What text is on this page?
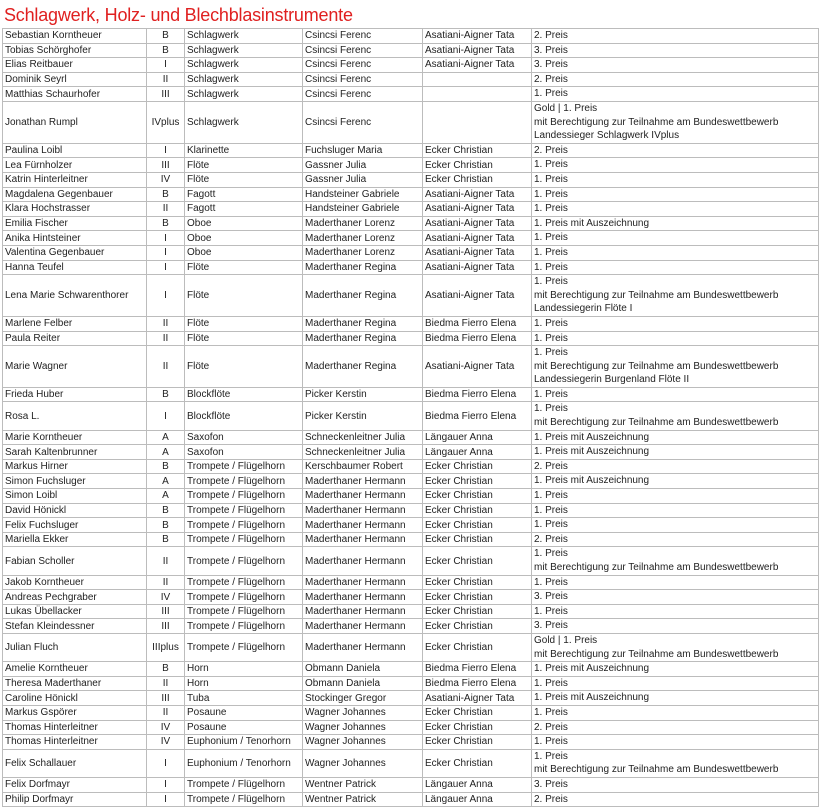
Schlagwerk, Holz- und Blechblasinstrumente
Sebastian Korntheuer	B	Schlagwerk	Csincsi Ferenc	Asatiani-Aigner Tata	2. Preis

Tobias Schörghofer	B	Schlagwerk	Csincsi Ferenc	Asatiani-Aigner Tata	3. Preis

Elias Reitbauer	I	Schlagwerk	Csincsi Ferenc	Asatiani-Aigner Tata	3. Preis

Dominik Seyrl	II	Schlagwerk	Csincsi Ferenc		2. Preis

Matthias Schaurhofer	III	Schlagwerk	Csincsi Ferenc		1. Preis

Jonathan Rumpl	IVplus	Schlagwerk	Csincsi Ferenc		Gold | 1. Preis
mit Berechtigung zur Teilnahme am Bundeswettbewerb
Landessieger Schlagwerk IVplus

Paulina Loibl	I	Klarinette	Fuchsluger Maria	Ecker Christian	2. Preis

Lea Fürnholzer	III	Flöte	Gassner Julia	Ecker Christian	1. Preis

Katrin Hinterleitner	IV	Flöte	Gassner Julia	Ecker Christian	1. Preis

Magdalena Gegenbauer	B	Fagott	Handsteiner Gabriele	Asatiani-Aigner Tata	1. Preis

Klara Hochstrasser	II	Fagott	Handsteiner Gabriele	Asatiani-Aigner Tata	1. Preis

Emilia Fischer	B	Oboe	Maderthaner Lorenz	Asatiani-Aigner Tata	1. Preis mit Auszeichnung

Anika Hintsteiner	I	Oboe	Maderthaner Lorenz	Asatiani-Aigner Tata	1. Preis

Valentina Gegenbauer	I	Oboe	Maderthaner Lorenz	Asatiani-Aigner Tata	1. Preis

Hanna Teufel	I	Flöte	Maderthaner Regina	Asatiani-Aigner Tata	1. Preis

Lena Marie Schwarenthorer	I	Flöte	Maderthaner Regina	Asatiani-Aigner Tata	1. Preis
mit Berechtigung zur Teilnahme am Bundeswettbewerb
Landessiegerin Flöte I

Marlene Felber	II	Flöte	Maderthaner Regina	Biedma Fierro Elena	1. Preis

Paula Reiter	II	Flöte	Maderthaner Regina	Biedma Fierro Elena	1. Preis

Marie Wagner	II	Flöte	Maderthaner Regina	Asatiani-Aigner Tata	1. Preis
mit Berechtigung zur Teilnahme am Bundeswettbewerb
Landessiegerin Burgenland Flöte II

Frieda Huber	B	Blockflöte	Picker Kerstin	Biedma Fierro Elena	1. Preis

Rosa L.	I	Blockflöte	Picker Kerstin	Biedma Fierro Elena	1. Preis
mit Berechtigung zur Teilnahme am Bundeswettbewerb

Marie Korntheuer	A	Saxofon	Schneckenleitner Julia	Längauer Anna	1. Preis mit Auszeichnung

Sarah Kaltenbrunner	A	Saxofon	Schneckenleitner Julia	Längauer Anna	1. Preis mit Auszeichnung

Markus Hirner	B	Trompete / Flügelhorn	Kerschbaumer Robert	Ecker Christian	2. Preis

Simon Fuchsluger	A	Trompete / Flügelhorn	Maderthaner Hermann	Ecker Christian	1. Preis mit Auszeichnung

Simon Loibl	A	Trompete / Flügelhorn	Maderthaner Hermann	Ecker Christian	1. Preis

David Hönickl	B	Trompete / Flügelhorn	Maderthaner Hermann	Ecker Christian	1. Preis

Felix Fuchsluger	B	Trompete / Flügelhorn	Maderthaner Hermann	Ecker Christian	1. Preis

Mariella Ekker	B	Trompete / Flügelhorn	Maderthaner Hermann	Ecker Christian	2. Preis

Fabian Scholler	II	Trompete / Flügelhorn	Maderthaner Hermann	Ecker Christian	1. Preis
mit Berechtigung zur Teilnahme am Bundeswettbewerb

Jakob Korntheuer	II	Trompete / Flügelhorn	Maderthaner Hermann	Ecker Christian	1. Preis

Andreas Pechgraber	IV	Trompete / Flügelhorn	Maderthaner Hermann	Ecker Christian	3. Preis

Lukas Übellacker	III	Trompete / Flügelhorn	Maderthaner Hermann	Ecker Christian	1. Preis

Stefan Kleindessner	III	Trompete / Flügelhorn	Maderthaner Hermann	Ecker Christian	3. Preis

Julian Fluch	IIIplus	Trompete / Flügelhorn	Maderthaner Hermann	Ecker Christian	Gold | 1. Preis
mit Berechtigung zur Teilnahme am Bundeswettbewerb

Amelie Korntheuer	B	Horn	Obmann Daniela	Biedma Fierro Elena	1. Preis mit Auszeichnung

Theresa Maderthaner	II	Horn	Obmann Daniela	Biedma Fierro Elena	1. Preis

Caroline Hönickl	III	Tuba	Stockinger Gregor	Asatiani-Aigner Tata	1. Preis mit Auszeichnung

Markus Gspörer	II	Posaune	Wagner Johannes	Ecker Christian	1. Preis

Thomas Hinterleitner	IV	Posaune	Wagner Johannes	Ecker Christian	2. Preis

Thomas Hinterleitner	IV	Euphonium / Tenorhorn	Wagner Johannes	Ecker Christian	1. Preis

Felix Schallauer	I	Euphonium / Tenorhorn	Wagner Johannes	Ecker Christian	1. Preis
mit Berechtigung zur Teilnahme am Bundeswettbewerb

Felix Dorfmayr	I	Trompete / Flügelhorn	Wentner Patrick	Längauer Anna	3. Preis

Philip Dorfmayr	I	Trompete / Flügelhorn	Wentner Patrick	Längauer Anna	2. Preis
